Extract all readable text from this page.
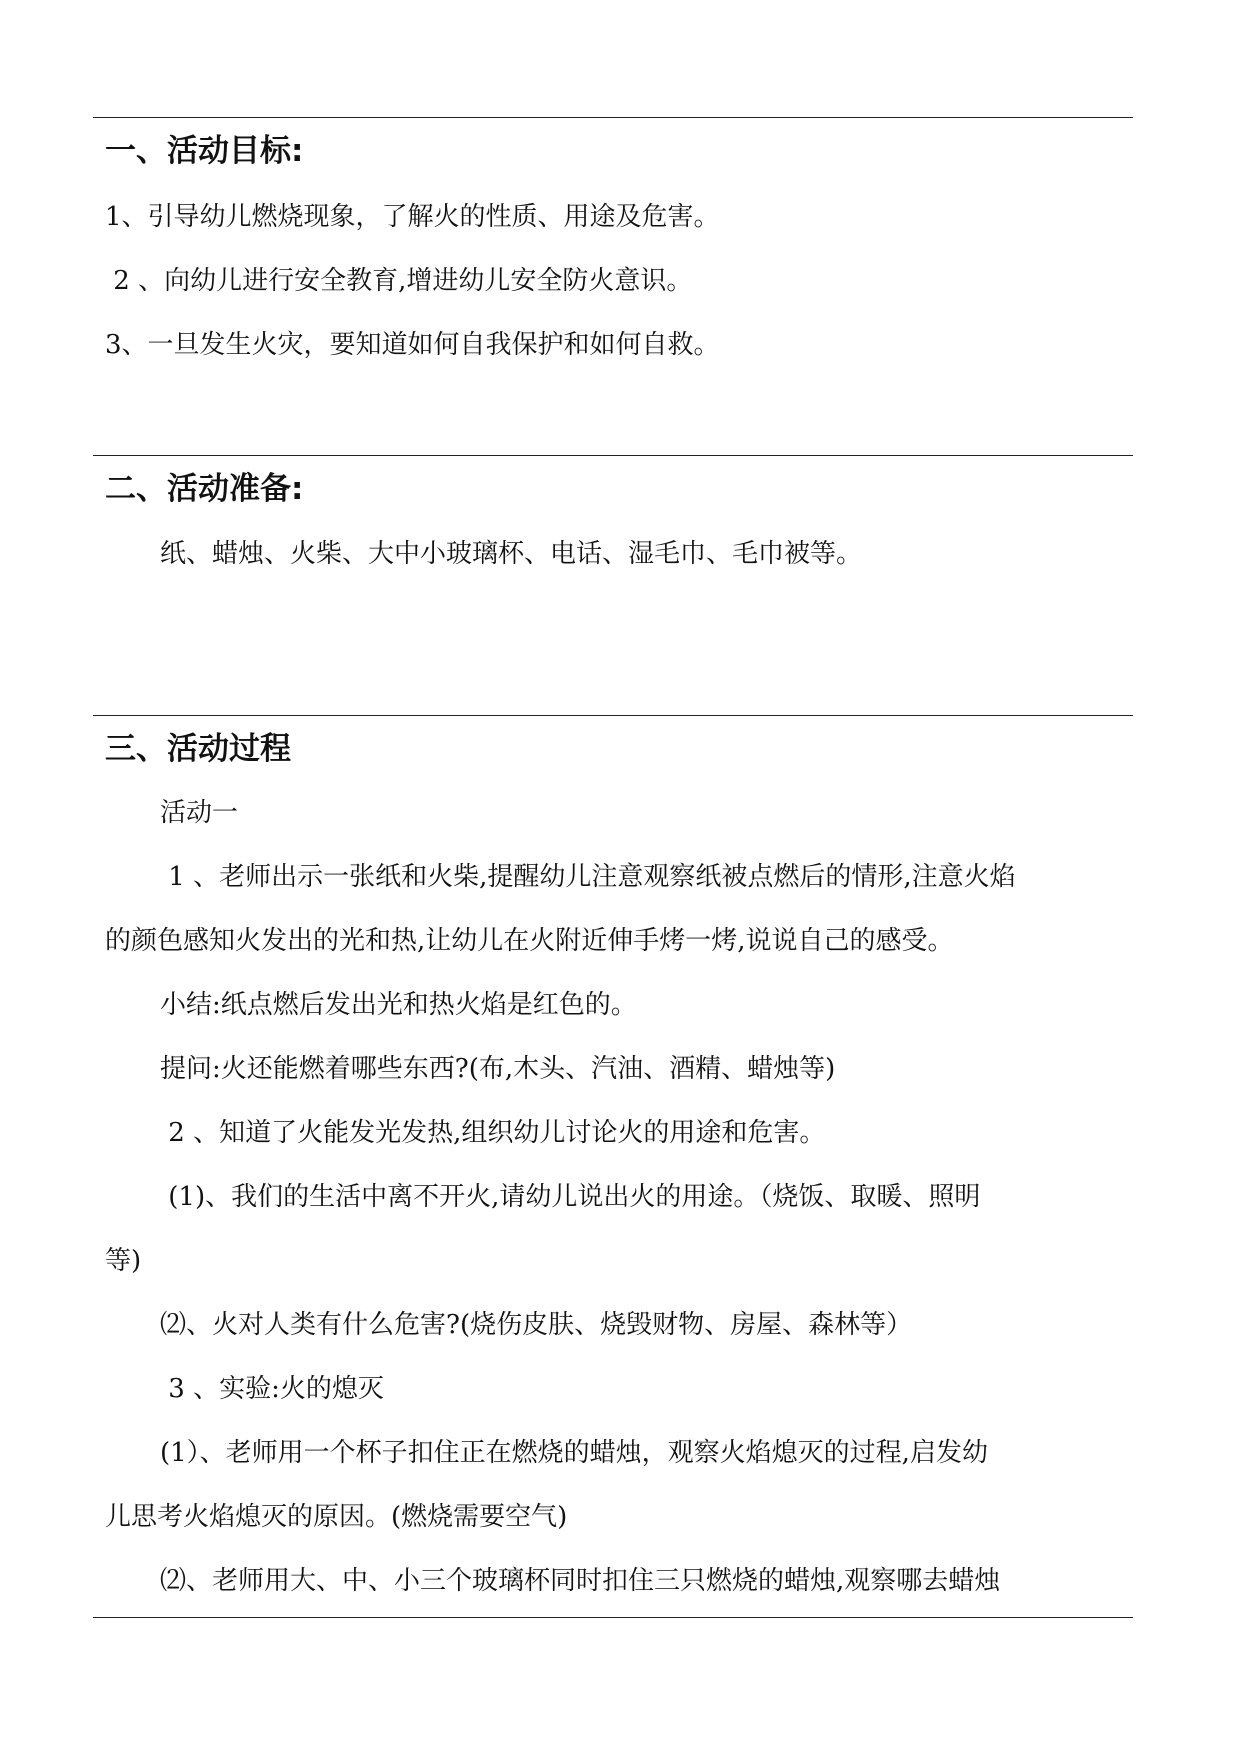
一、活动目标:
1、引导幼儿燃烧现象，了解火的性质、用途及危害。
2 、向幼儿进行安全教育,增进幼儿安全防火意识。
3、一旦发生火灾，要知道如何自我保护和如何自救。
二、活动准备:
纸、蜡烛、火柴、大中小玻璃杯、电话、湿毛巾、毛巾被等。
三、活动过程
活动一
1 、老师出示一张纸和火柴,提醒幼儿注意观察纸被点燃后的情形,注意火焰
的颜色感知火发出的光和热,让幼儿在火附近伸手烤一烤,说说自己的感受。
小结:纸点燃后发出光和热火焰是红色的。
提问:火还能燃着哪些东西?(布,木头、汽油、酒精、蜡烛等)
2 、知道了火能发光发热,组织幼儿讨论火的用途和危害。
(1)、我们的生活中离不开火,请幼儿说出火的用途。（烧饭、取暖、照明
等)
⑵、火对人类有什么危害?(烧伤皮肤、烧毁财物、房屋、森林等）
3 、实验:火的熄灭
(1）、老师用一个杯子扣住正在燃烧的蜡烛，观察火焰熄灭的过程,启发幼
儿思考火焰熄灭的原因。(燃烧需要空气)
⑵、老师用大、中、小三个玻璃杯同时扣住三只燃烧的蜡烛,观察哪去蜡烛
